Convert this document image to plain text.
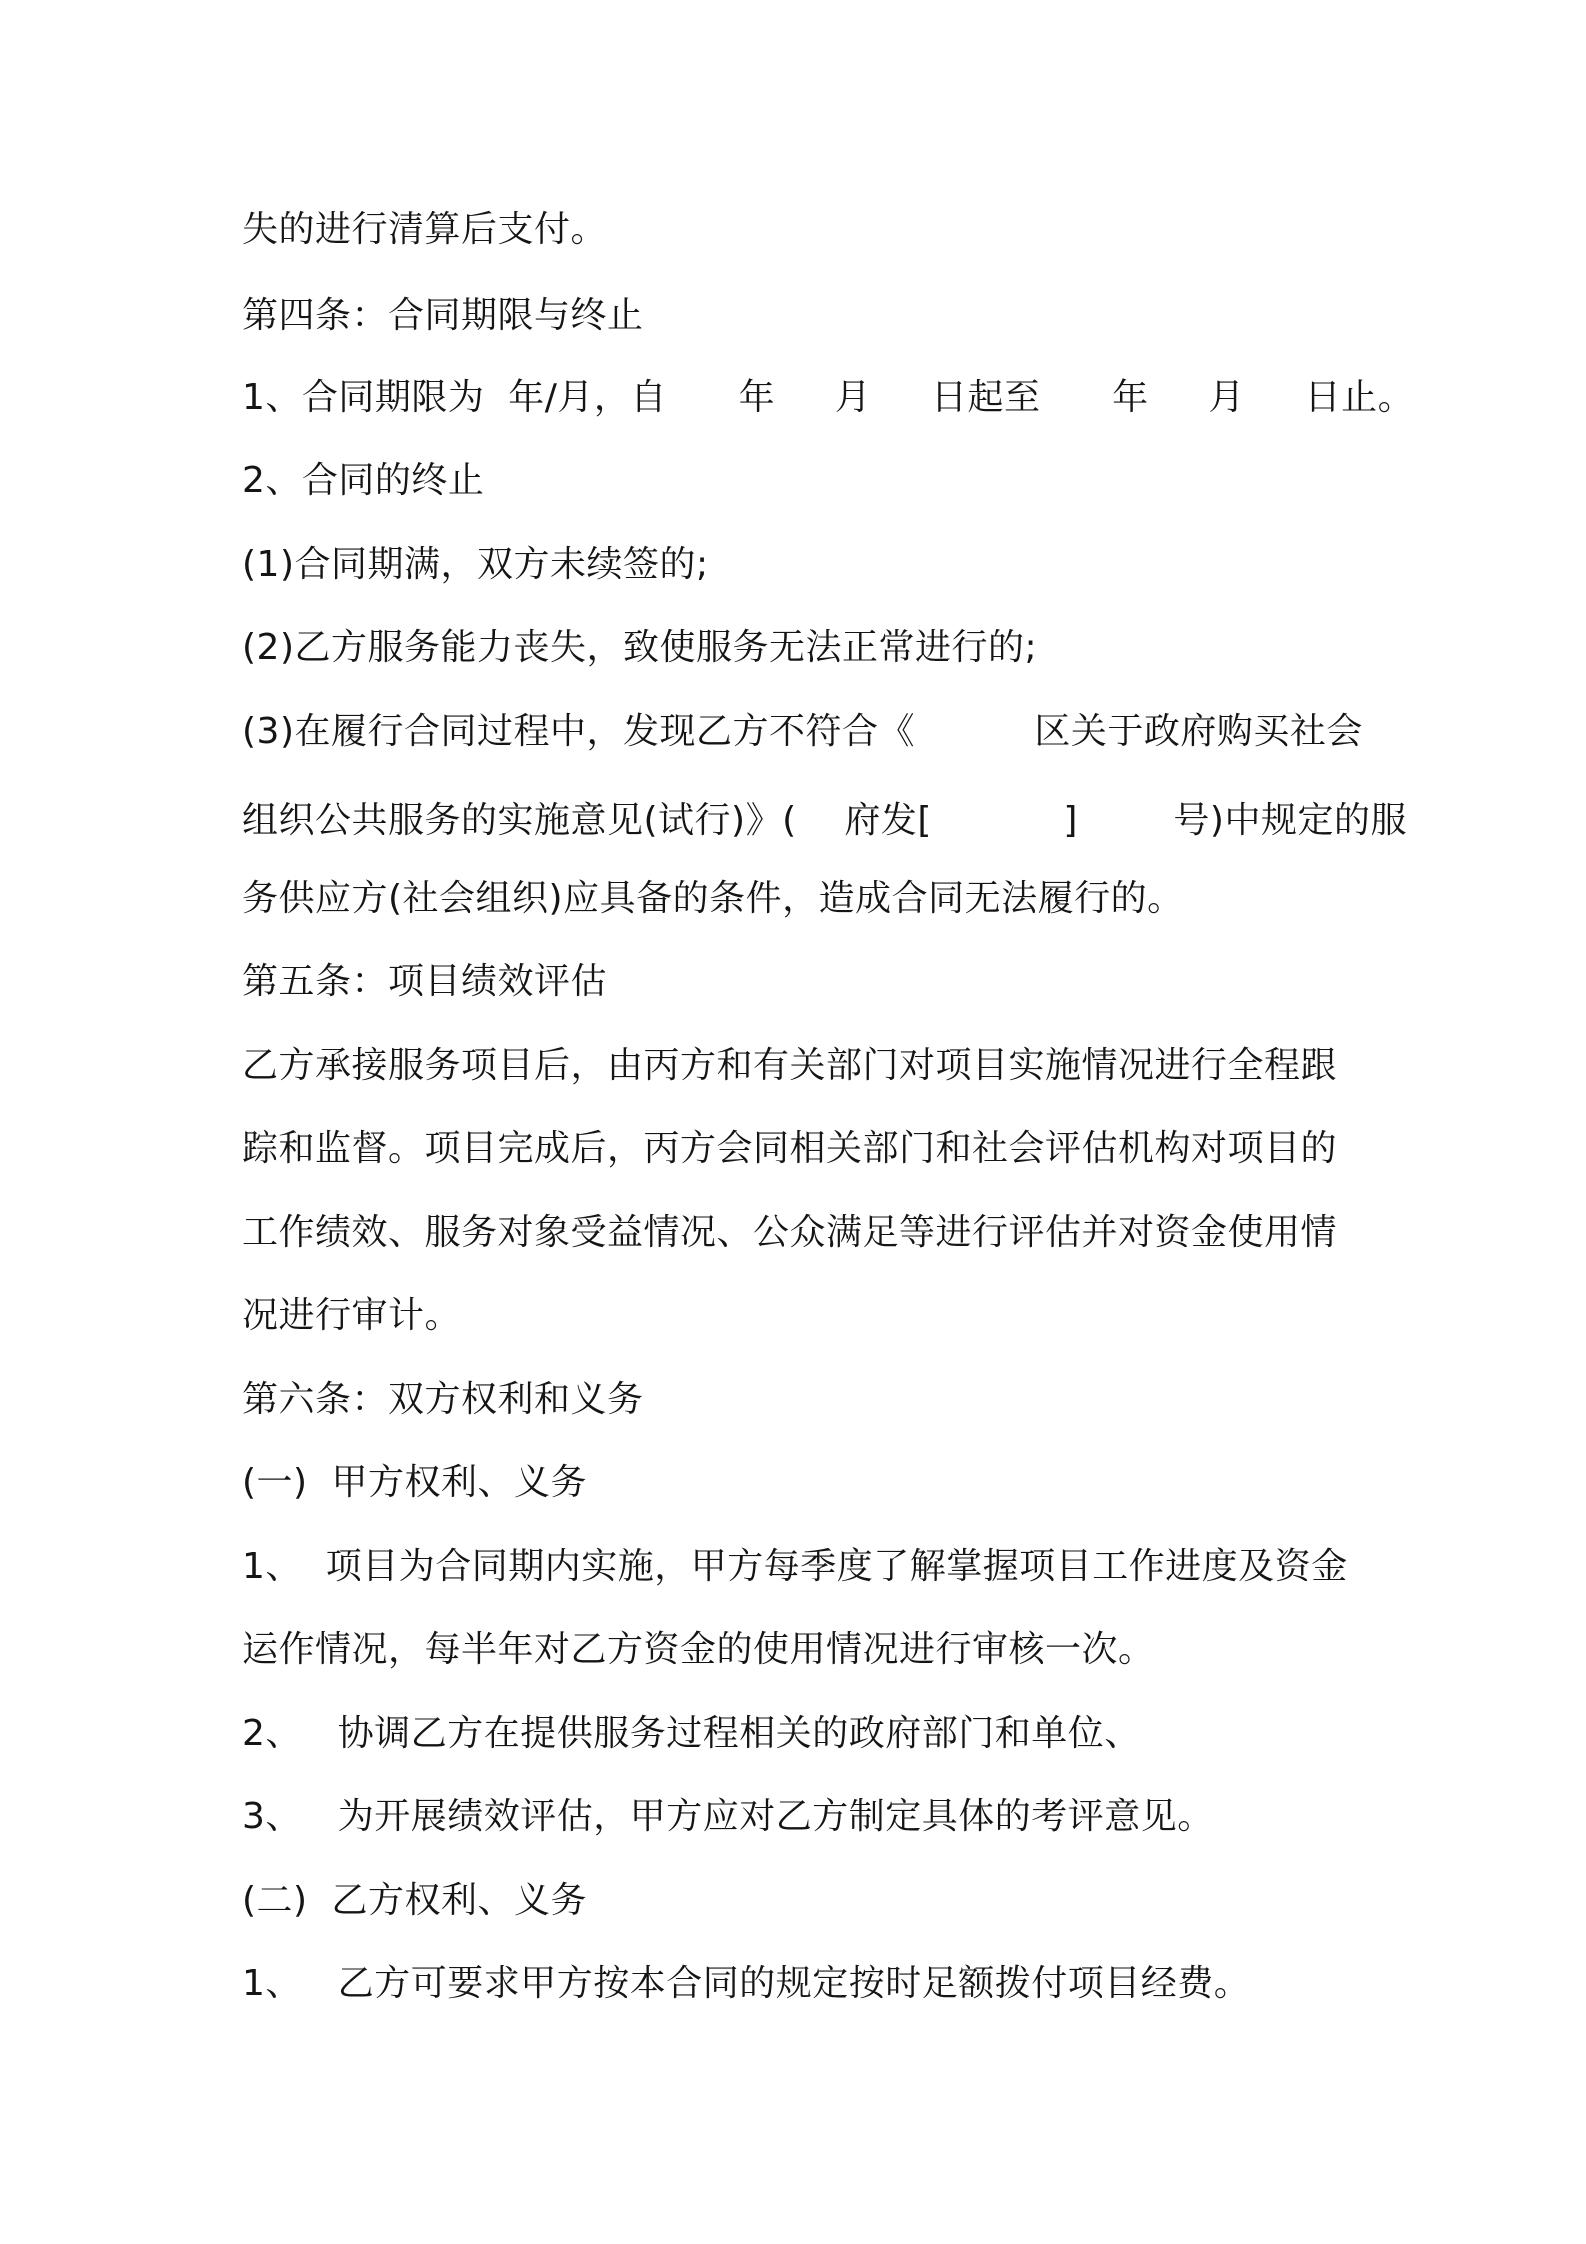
失的进行清算后支付。
第四条：合同期限与终止
1、合同期限为  年/月，自      年     月     日起至      年     月     日止。
2、合同的终止
(1)合同期满，双方未续签的;
(2)乙方服务能力丧失，致使服务无法正常进行的;
(3)在履行合同过程中，发现乙方不符合《          区关于政府购买社会
组织公共服务的实施意见(试行)》(    府发[           ]        号)中规定的服
务供应方(社会组织)应具备的条件，造成合同无法履行的。
第五条：项目绩效评估
乙方承接服务项目后，由丙方和有关部门对项目实施情况进行全程跟
踪和监督。项目完成后，丙方会同相关部门和社会评估机构对项目的
工作绩效、服务对象受益情况、公众满足等进行评估并对资金使用情
况进行审计。
第六条：双方权利和义务
(一)  甲方权利、义务
1、  项目为合同期内实施，甲方每季度了解掌握项目工作进度及资金
运作情况，每半年对乙方资金的使用情况进行审核一次。
2、   协调乙方在提供服务过程相关的政府部门和单位、
3、   为开展绩效评估，甲方应对乙方制定具体的考评意见。
(二)  乙方权利、义务
1、   乙方可要求甲方按本合同的规定按时足额拨付项目经费。
